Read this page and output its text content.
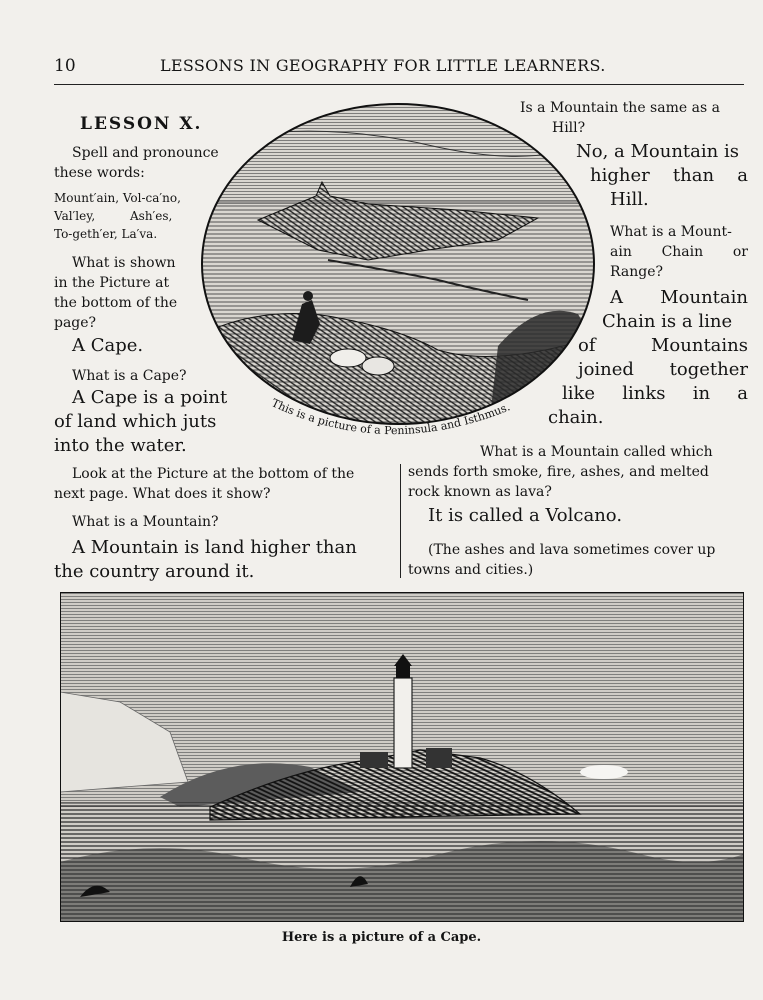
10	LESSONS IN GEOGRAPHY FOR LITTLE LEARNERS.
LESSON X.
Spell and pronounce
these words:
Mount′ain, Vol-ca′no,
Val′ley,	Ash′es,
To-geth′er, La′va.
What is shown
in the Picture at
the bottom of the
page?
A Cape.
What is a Cape?
A Cape is a point
of land which juts
into the water.
Look at the Picture at the bottom of the
next page. What does it show?
What is a Mountain?
A Mountain is land higher than
the country around it.
Is a Mountain the same as a
Hill?
No, a Mountain is
higher than a
Hill.
What is a Mount-
ain Chain or
Range?
A Mountain
Chain is a line
of Mountains
joined together
like links in a
chain.
What is a Mountain called which
sends forth smoke, fire, ashes, and melted
rock known as lava?
It is called a Volcano.
(The ashes and lava sometimes cover up
towns and cities.)
This is a picture of a Peninsula and Isthmus.
Here is a picture of a Cape.
